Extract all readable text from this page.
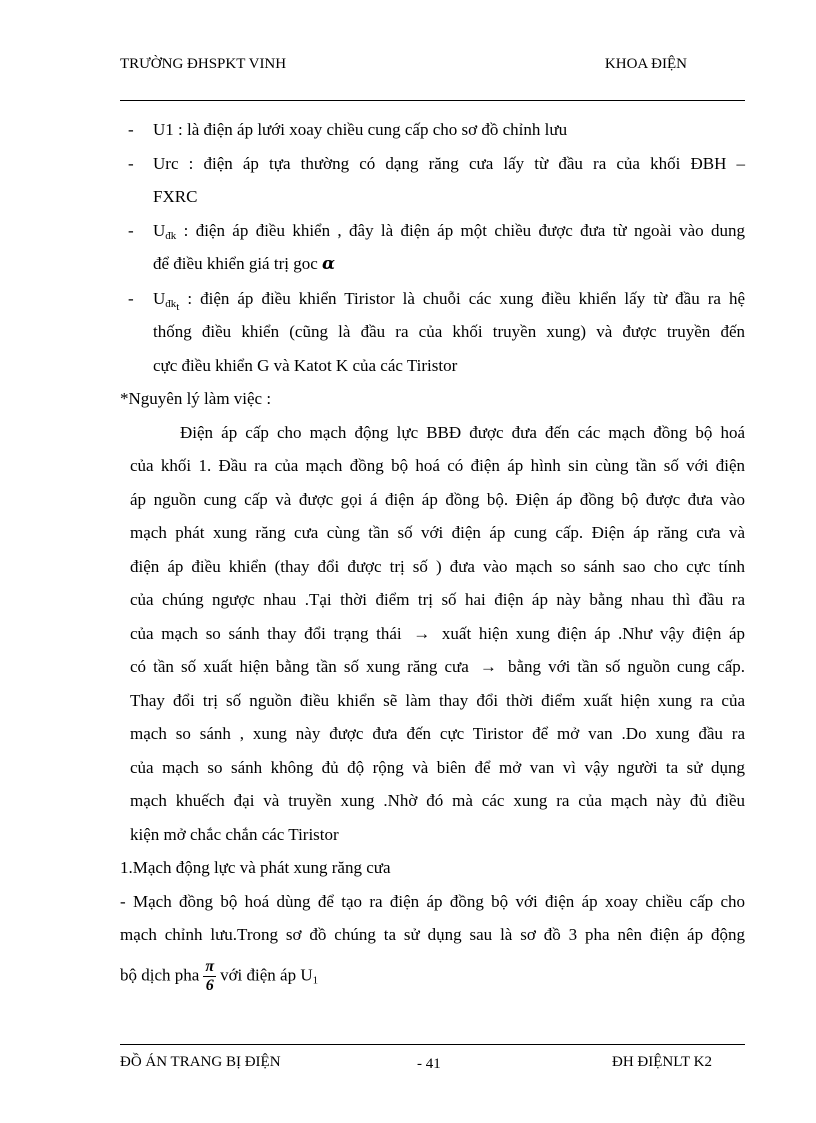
TRƯỜNG ĐHSPKT VINH	KHOA ĐIỆN
- U1 : là điện áp lưới xoay chiều cung cấp cho sơ đồ chỉnh lưu
- Urc : điện áp tựa thường có dạng răng cưa lấy từ đầu ra của khối ĐBH –
FXRC
- $U_{đk}$ : điện áp điều khiển , đây là điện áp một chiều được đưa từ ngoài vào dung
để điều khiển giá trị goc α
- $U_{đk_t}$ : điện áp điều khiển Tiristor là chuỗi các xung điều khiển lấy từ đầu ra hệ
thống điều khiển (cũng là đầu ra của khối truyền xung) và được truyền đến
cực điều khiển G và Katot K của các Tiristor
*Nguyên lý làm việc :
Điện áp cấp cho mạch động lực BBĐ được đưa đến các mạch đồng bộ hoá
của khối 1. Đầu ra của mạch đồng bộ hoá có điện áp hình sin cùng tần số với điện
áp nguồn cung cấp và được gọi á điện áp đồng bộ. Điện áp đồng bộ được đưa vào
mạch phát xung răng cưa cùng tần số với điện áp cung cấp. Điện áp răng cưa và
điện áp điều khiển (thay đổi được trị số ) đưa vào mạch so sánh sao cho cực tính
của chúng ngược nhau .Tại thời điểm trị số hai điện áp này bằng nhau thì đầu ra
của mạch so sánh thay đổi trạng thái → xuất hiện xung điện áp .Như vậy điện áp
có tần số xuất hiện bằng tần số xung răng cưa → bằng với tần số nguồn cung cấp.
Thay đổi trị số nguồn điều khiển sẽ làm thay đổi thời điểm xuất hiện xung ra của
mạch so sánh , xung này được đưa đến cực Tiristor để mở van .Do xung đầu ra
của mạch so sánh không đủ độ rộng và biên để mở van vì vậy người ta sử dụng
mạch khuếch đại và truyền xung .Nhờ đó mà các xung ra của mạch này đủ điều
kiện mở chắc chắn các Tiristor
1.Mạch động lực và phát xung răng cưa
- Mạch đồng bộ hoá dùng để tạo ra điện áp đồng bộ với điện áp xoay chiều cấp cho
mạch chỉnh lưu.Trong sơ đồ chúng ta sử dụng sau là sơ đồ 3 pha nên điện áp động
bộ dịch pha $\frac{\pi}{6}$ với điện áp $U_1$
ĐỒ ÁN TRANG BỊ ĐIỆN	- 41	ĐH ĐIỆNLT K2
